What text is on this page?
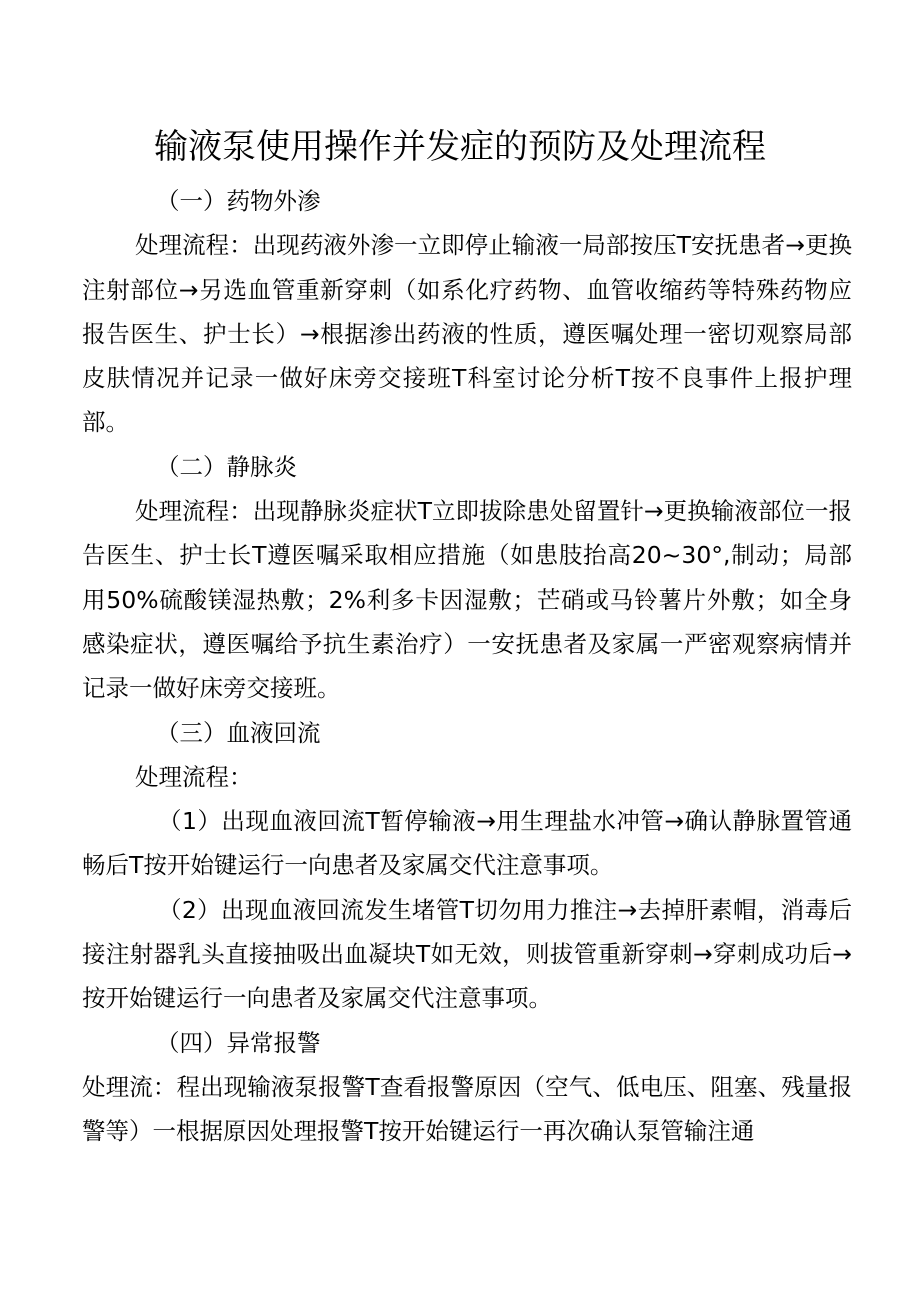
输液泵使用操作并发症的预防及处理流程

（一）药物外渗

处理流程：出现药液外渗一立即停止输液一局部按压T安抚患者→更换注射部位→另选血管重新穿刺（如系化疗药物、血管收缩药等特殊药物应报告医生、护士长）→根据渗出药液的性质，遵医嘱处理一密切观察局部皮肤情况并记录一做好床旁交接班T科室讨论分析T按不良事件上报护理部。

（二）静脉炎

处理流程：出现静脉炎症状T立即拔除患处留置针→更换输液部位一报告医生、护士长T遵医嘱采取相应措施（如患肢抬高20~30°,制动；局部用50%硫酸镁湿热敷；2%利多卡因湿敷；芒硝或马铃薯片外敷；如全身感染症状，遵医嘱给予抗生素治疗）一安抚患者及家属一严密观察病情并记录一做好床旁交接班。

（三）血液回流

处理流程：

（1）出现血液回流T暂停输液→用生理盐水冲管→确认静脉置管通畅后T按开始键运行一向患者及家属交代注意事项。

（2）出现血液回流发生堵管T切勿用力推注→去掉肝素帽，消毒后接注射器乳头直接抽吸出血凝块T如无效，则拔管重新穿刺→穿刺成功后→按开始键运行一向患者及家属交代注意事项。

（四）异常报警

处理流：程出现输液泵报警T查看报警原因（空气、低电压、阻塞、残量报警等）一根据原因处理报警T按开始键运行一再次确认泵管输注通
